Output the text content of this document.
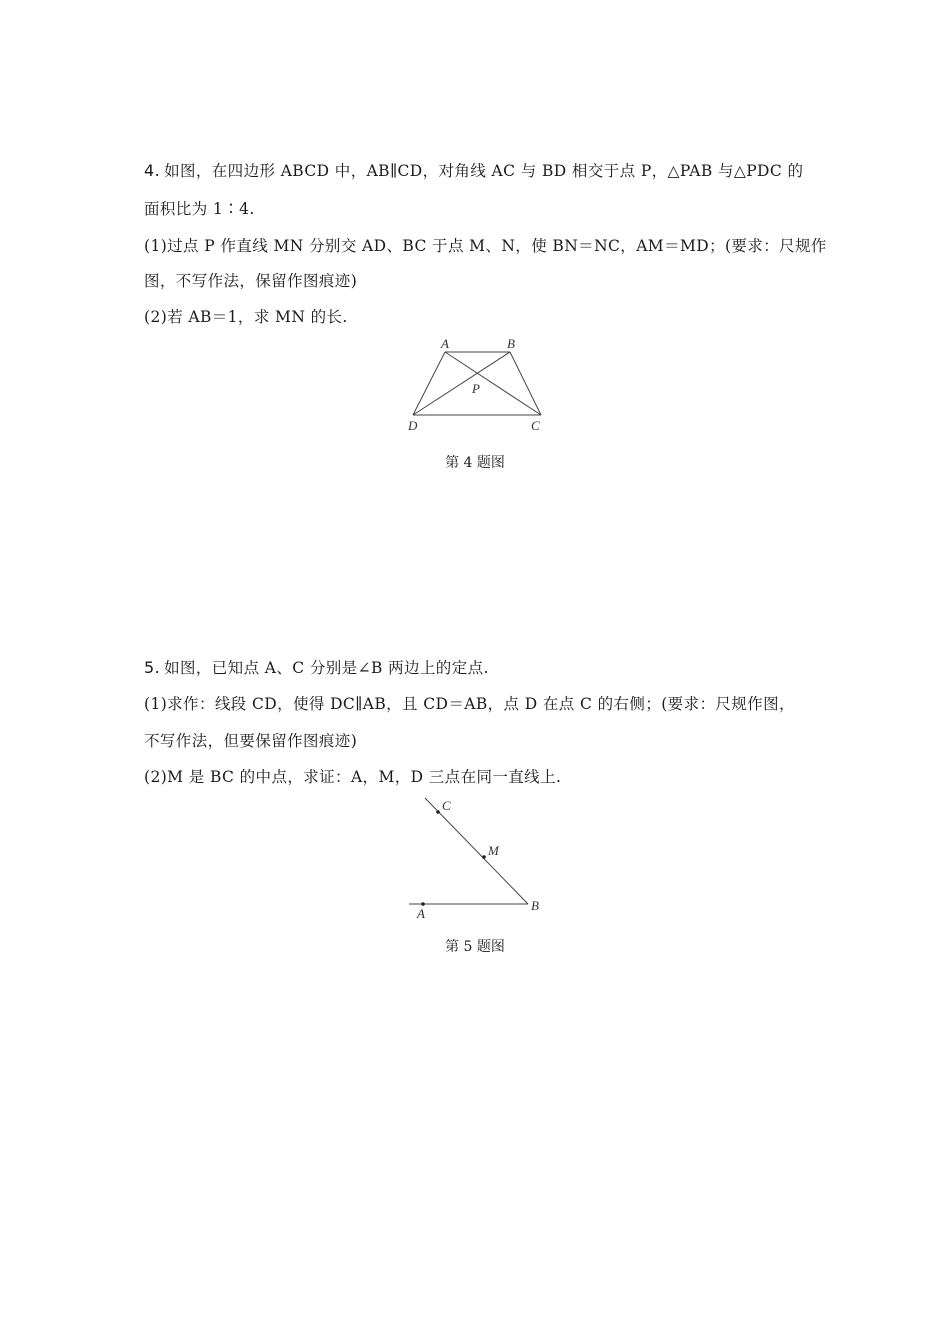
4. 如图，在四边形 ABCD 中，AB∥CD，对角线 AC 与 BD 相交于点 P，△PAB 与△PDC 的
面积比为 1∶4.
(1)过点 P 作直线 MN 分别交 AD、BC 于点 M、N，使 BN＝NC，AM＝MD；(要求：尺规作
图，不写作法，保留作图痕迹)
(2)若 AB＝1，求 MN 的长.
A	B
P
D	C
C
M
B
A
第 4 题图
5. 如图，已知点 A、C 分别是∠B 两边上的定点.
(1)求作：线段 CD，使得 DC∥AB，且 CD＝AB，点 D 在点 C 的右侧；(要求：尺规作图，
不写作法，但要保留作图痕迹)
(2)M 是 BC 的中点，求证：A，M，D 三点在同一直线上.
第 5 题图
